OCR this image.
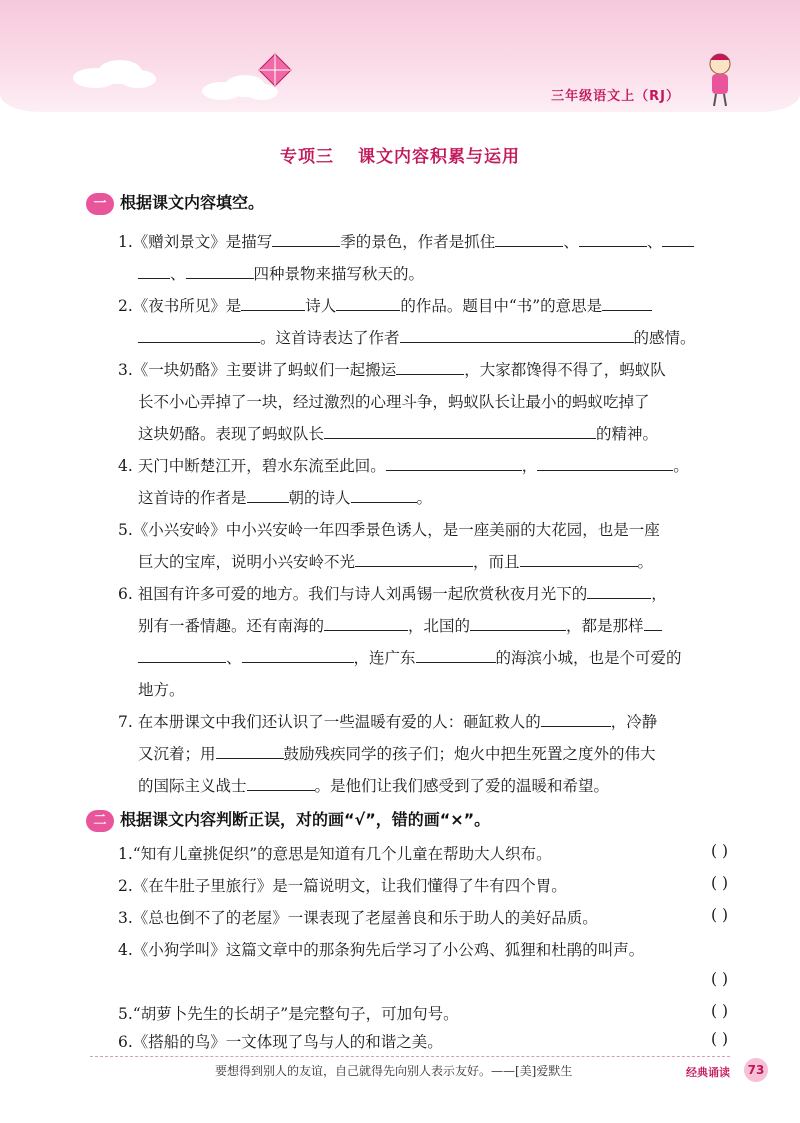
三年级语文上（RJ）
专项三 课文内容积累与运用
一 根据课文内容填空。
1.《赠刘景文》是描写	季的景色，作者是抓住	、	、
、	四种景物来描写秋天的。
2.《夜书所见》是	诗人	的作品。题目中“书”的意思是
。这首诗表达了作者	的感情。
3.《一块奶酪》主要讲了蚂蚁们一起搬运	，大家都馋得不得了，蚂蚁队
长不小心弄掉了一块，经过激烈的心理斗争，蚂蚁队长让最小的蚂蚁吃掉了
这块奶酪。表现了蚂蚁队长	的精神。
4. 天门中断楚江开，碧水东流至此回。	，	。
这首诗的作者是	朝的诗人	。
5.《小兴安岭》中小兴安岭一年四季景色诱人，是一座美丽的大花园，也是一座
巨大的宝库，说明小兴安岭不光	，而且	。
6. 祖国有许多可爱的地方。我们与诗人刘禹锡一起欣赏秋夜月光下的	，
别有一番情趣。还有南海的	，北国的	，都是那样
、	，连广东	的海滨小城，也是个可爱的
地方。
7. 在本册课文中我们还认识了一些温暖有爱的人：砸缸救人的	，冷静
又沉着；用	鼓励残疾同学的孩子们；炮火中把生死置之度外的伟大
的国际主义战士	。是他们让我们感受到了爱的温暖和希望。
二 根据课文内容判断正误，对的画“√”，错的画“×”。
1.“知有儿童挑促织”的意思是知道有几个儿童在帮助大人织布。	( )
2.《在牛肚子里旅行》是一篇说明文，让我们懂得了牛有四个胃。	( )
3.《总也倒不了的老屋》一课表现了老屋善良和乐于助人的美好品质。	( )
4.《小狗学叫》这篇文章中的那条狗先后学习了小公鸡、狐狸和杜鹃的叫声。
( )
5.“胡萝卜先生的长胡子”是完整句子，可加句号。	( )
6.《搭船的鸟》一文体现了鸟与人的和谐之美。	( )
要想得到别人的友谊，自己就得先向别人表示友好。——[美]爱默生	经典诵读	73
